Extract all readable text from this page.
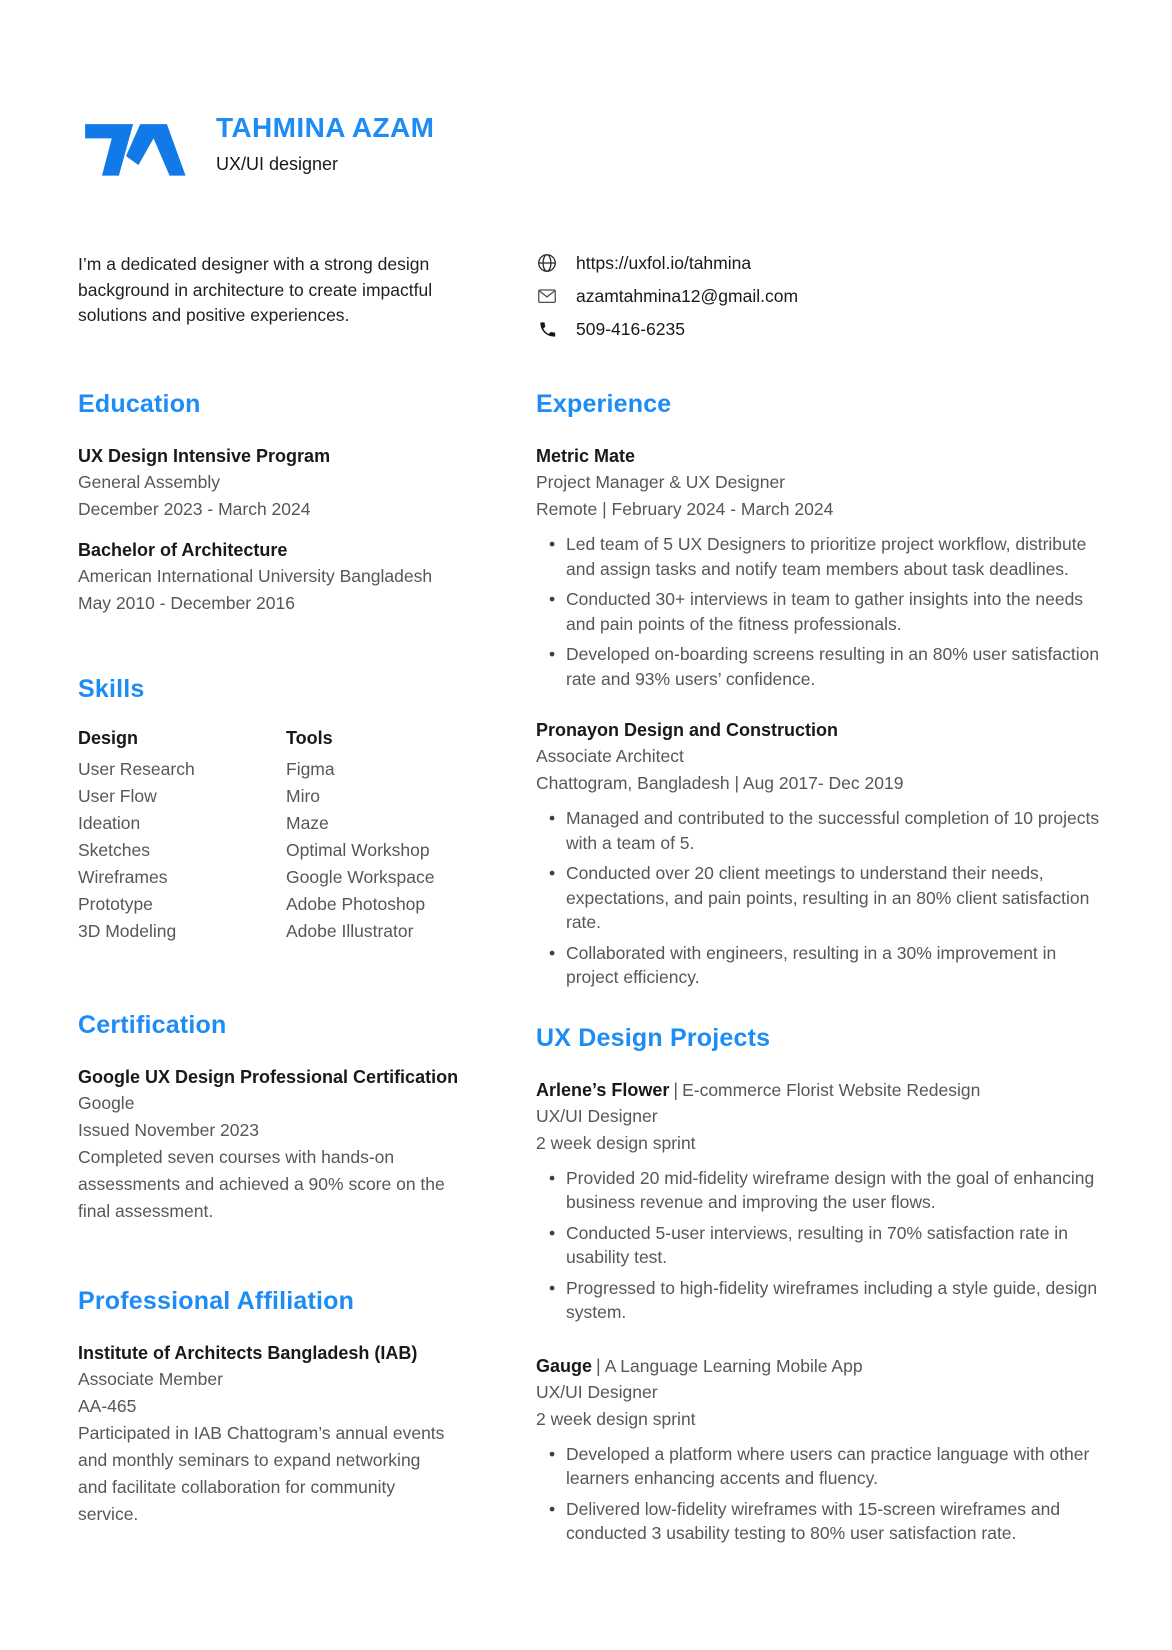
TAHMINA AZAM
UX/UI designer

I’m a dedicated designer with a strong design background in architecture to create impactful solutions and positive experiences.

https://uxfol.io/tahmina
azamtahmina12@gmail.com
509-416-6235
Education
UX Design Intensive Program
General Assembly
December 2023 - March 2024
Bachelor of Architecture
American International University Bangladesh
May 2010 - December 2016
Skills
Design
User Research
User Flow
Ideation
Sketches
Wireframes
Prototype
3D Modeling
Tools
Figma
Miro
Maze
Optimal Workshop
Google Workspace
Adobe Photoshop
Adobe Illustrator
Certification
Google UX Design Professional Certification
Google
Issued November 2023
Completed seven courses with hands-on assessments and achieved a 90% score on the final assessment.
Professional Affiliation
Institute of Architects Bangladesh (IAB)
Associate Member
AA-465
Participated in IAB Chattogram’s annual events and monthly seminars to expand networking and facilitate collaboration for community service.
Experience
Metric Mate
Project Manager & UX Designer
Remote | February 2024 - March 2024
• Led team of 5 UX Designers to prioritize project workflow, distribute and assign tasks and notify team members about task deadlines.
• Conducted 30+ interviews in team to gather insights into the needs and pain points of the fitness professionals.
• Developed on-boarding screens resulting in an 80% user satisfaction rate and 93% users’ confidence.
Pronayon Design and Construction
Associate Architect
Chattogram, Bangladesh | Aug 2017- Dec 2019
• Managed and contributed to the successful completion of 10 projects with a team of 5.
• Conducted over 20 client meetings to understand their needs, expectations, and pain points, resulting in an 80% client satisfaction rate.
• Collaborated with engineers, resulting in a 30% improvement in project efficiency.
UX Design Projects
Arlene’s Flower | E-commerce Florist Website Redesign
UX/UI Designer
2 week design sprint
• Provided 20 mid-fidelity wireframe design with the goal of enhancing business revenue and improving the user flows.
• Conducted 5-user interviews, resulting in 70% satisfaction rate in usability test.
• Progressed to high-fidelity wireframes including a style guide, design system.
Gauge | A Language Learning Mobile App
UX/UI Designer
2 week design sprint
• Developed a platform where users can practice language with other learners enhancing accents and fluency.
• Delivered low-fidelity wireframes with 15-screen wireframes and conducted 3 usability testing to 80% user satisfaction rate.
